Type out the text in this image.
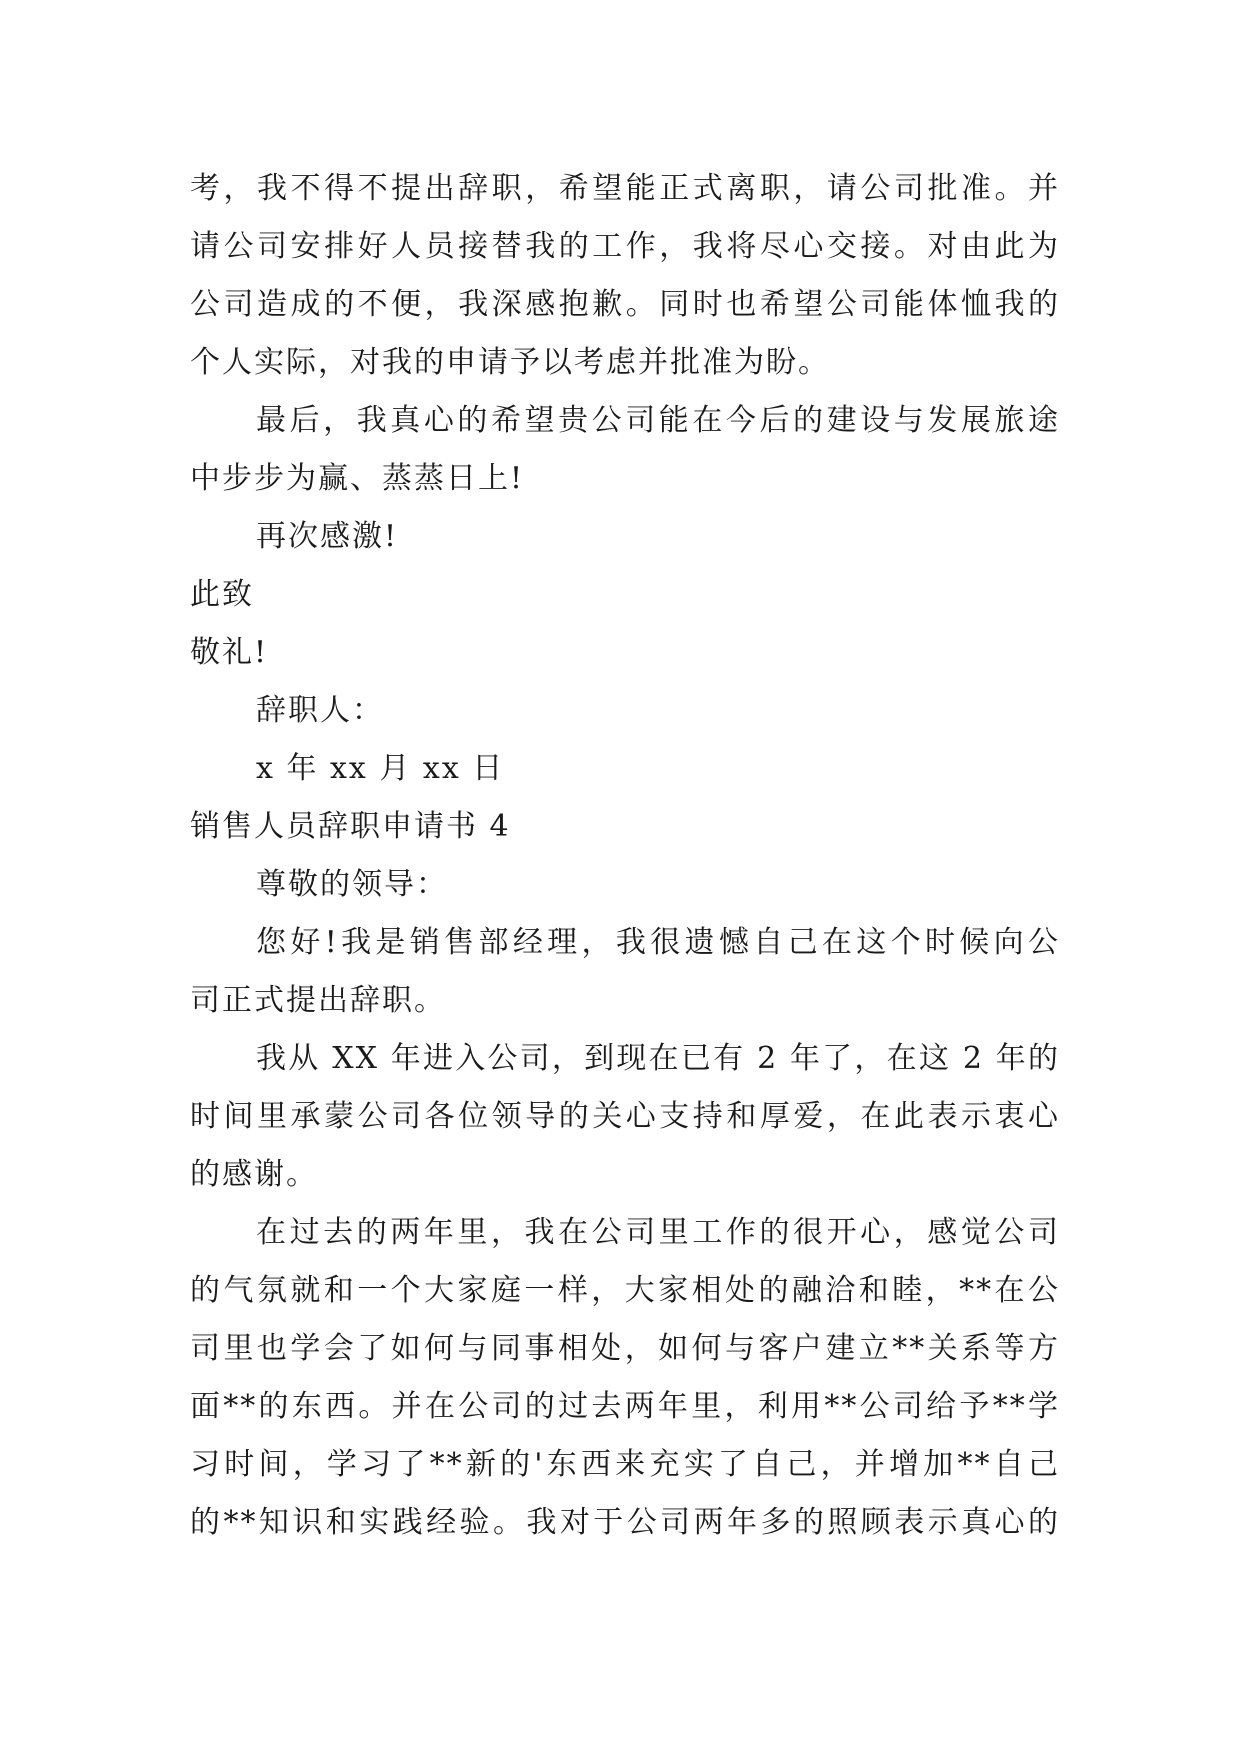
考，我不得不提出辞职，希望能正式离职，请公司批准。并
请公司安排好人员接替我的工作，我将尽心交接。对由此为
公司造成的不便，我深感抱歉。同时也希望公司能体恤我的
个人实际，对我的申请予以考虑并批准为盼。
最后，我真心的希望贵公司能在今后的建设与发展旅途
中步步为赢、蒸蒸日上!
再次感激!
此致
敬礼!
辞职人：
x 年 xx 月 xx 日
销售人员辞职申请书 4
尊敬的领导：
您好!我是销售部经理，我很遗憾自己在这个时候向公
司正式提出辞职。
我从 XX 年进入公司，到现在已有 2 年了，在这 2 年的
时间里承蒙公司各位领导的关心支持和厚爱，在此表示衷心
的感谢。
在过去的两年里，我在公司里工作的很开心，感觉公司
的气氛就和一个大家庭一样，大家相处的融洽和睦，**在公
司里也学会了如何与同事相处，如何与客户建立**关系等方
面**的东西。并在公司的过去两年里，利用**公司给予**学
习时间，学习了**新的'东西来充实了自己，并增加**自己
的**知识和实践经验。我对于公司两年多的照顾表示真心的
